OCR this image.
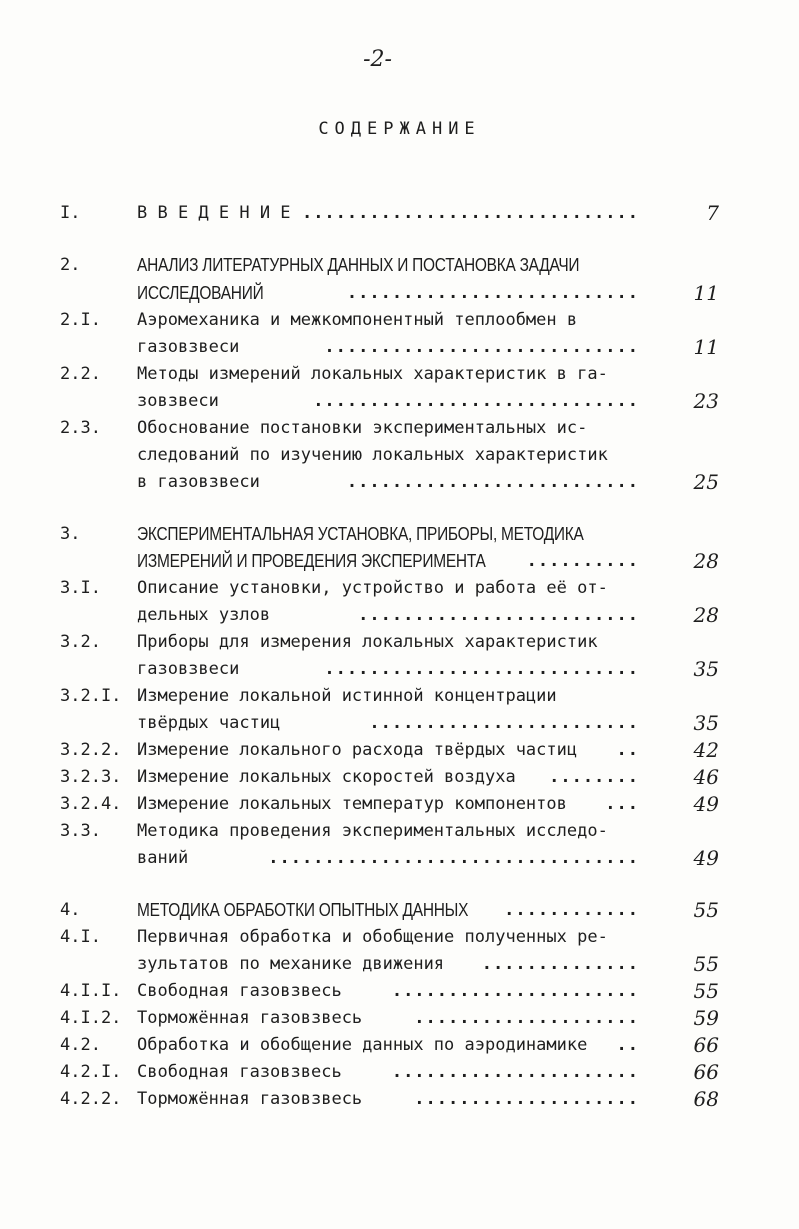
-2-
СОДЕРЖАНИЕ
I.	В В Е Д Е Н И Е ..............................	7
2.	АНАЛИЗ ЛИТЕРАТУРНЫХ ДАННЫХ И ПОСТАНОВКА ЗАДАЧИ
ИССЛЕДОВАНИЙ	..........................	11
2.I. Аэромеханика и межкомпонентный теплообмен в
газовзвеси	............................	11
2.2. Методы измерений локальных характеристик в га-
зовзвеси	.............................	23
2.3. Обоснование постановки экспериментальных ис-
следований по изучению локальных характеристик
в газовзвеси	..........................	25
3.	ЭКСПЕРИМЕНТАЛЬНАЯ УСТАНОВКА, ПРИБОРЫ, МЕТОДИКА
ИЗМЕРЕНИЙ И ПРОВЕДЕНИЯ ЭКСПЕРИМЕНТА ..........	28
3.I. Описание установки, устройство и работа её от-
дельных узлов	.........................	28
3.2. Приборы для измерения локальных характеристик
газовзвеси	............................	35
3.2.I. Измерение локальной истинной концентрации
твёрдых частиц	........................	35
3.2.2. Измерение локального расхода твёрдых частиц ..	42
3.2.3. Измерение локальных скоростей воздуха ........	46
3.2.4. Измерение локальных температур компонентов ...	49
3.3. Методика проведения экспериментальных исследо-
ваний	.................................	49
4.	МЕТОДИКА ОБРАБОТКИ ОПЫТНЫХ ДАННЫХ ............	55
4.I. Первичная обработка и обобщение полученных ре-
зультатов по механике движения ..............	55
4.I.I. Свободная газовзвесь	......................	55
4.I.2. Торможённая газовзвесь	....................	59
4.2. Обработка и обобщение данных по аэродинамике ..	66
4.2.I. Свободная газовзвесь	......................	66
4.2.2. Торможённая газовзвесь	....................	68
